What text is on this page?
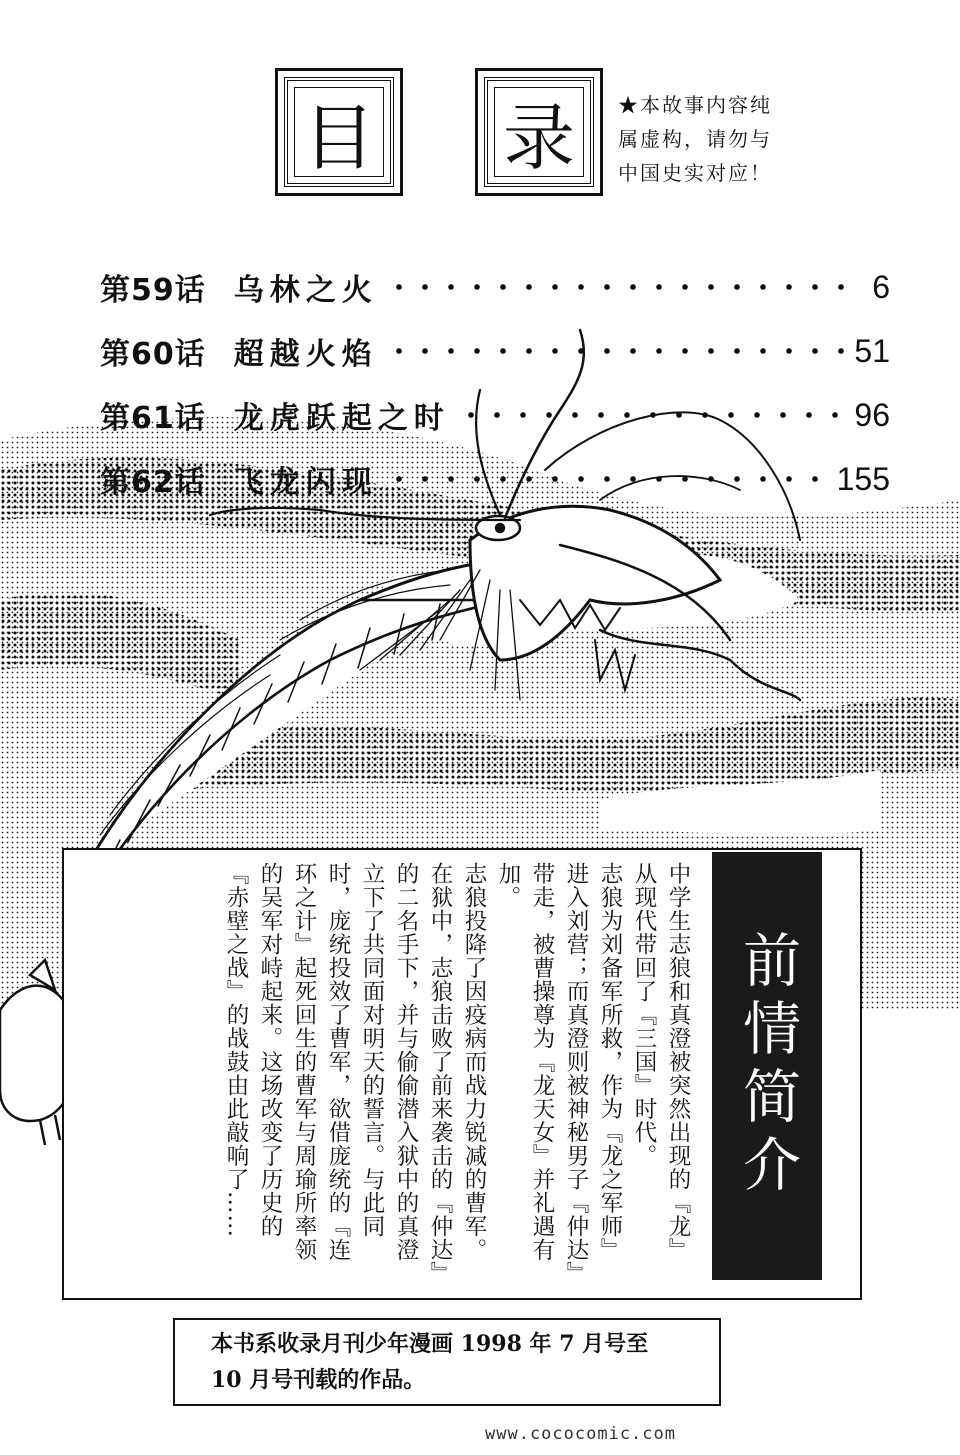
目	录	★本故事内容纯
属虚构，请勿与
中国史实对应！
第59话 乌林之火	6
第60话 超越火焰	51
第61话 龙虎跃起之时	96
第62话 飞龙闪现	155

中学生志狼和真澄被突然出现的『龙』从现代带回了『三国』时代。

志狼为刘备军所救，作为『龙之军师』进入刘营；而真澄则被神秘男子『仲达』带走，被曹操尊为『龙天女』并礼遇有加。

志狼投降了因疫病而战力锐减的曹军。在狱中，志狼击败了前来袭击的『仲达』的二名手下，并与偷偷潜入狱中的真澄立下了共同面对明天的誓言。与此同时，庞统投效了曹军，欲借庞统的『连环之计』起死回生的曹军与周瑜所率领的吴军对峙起来。这场改变了历史的『赤壁之战』的战鼓由此敲响了……	前情简介
本书系收录月刊少年漫画 1998 年 7 月号至
10 月号刊载的作品。
www.cococomic.com
